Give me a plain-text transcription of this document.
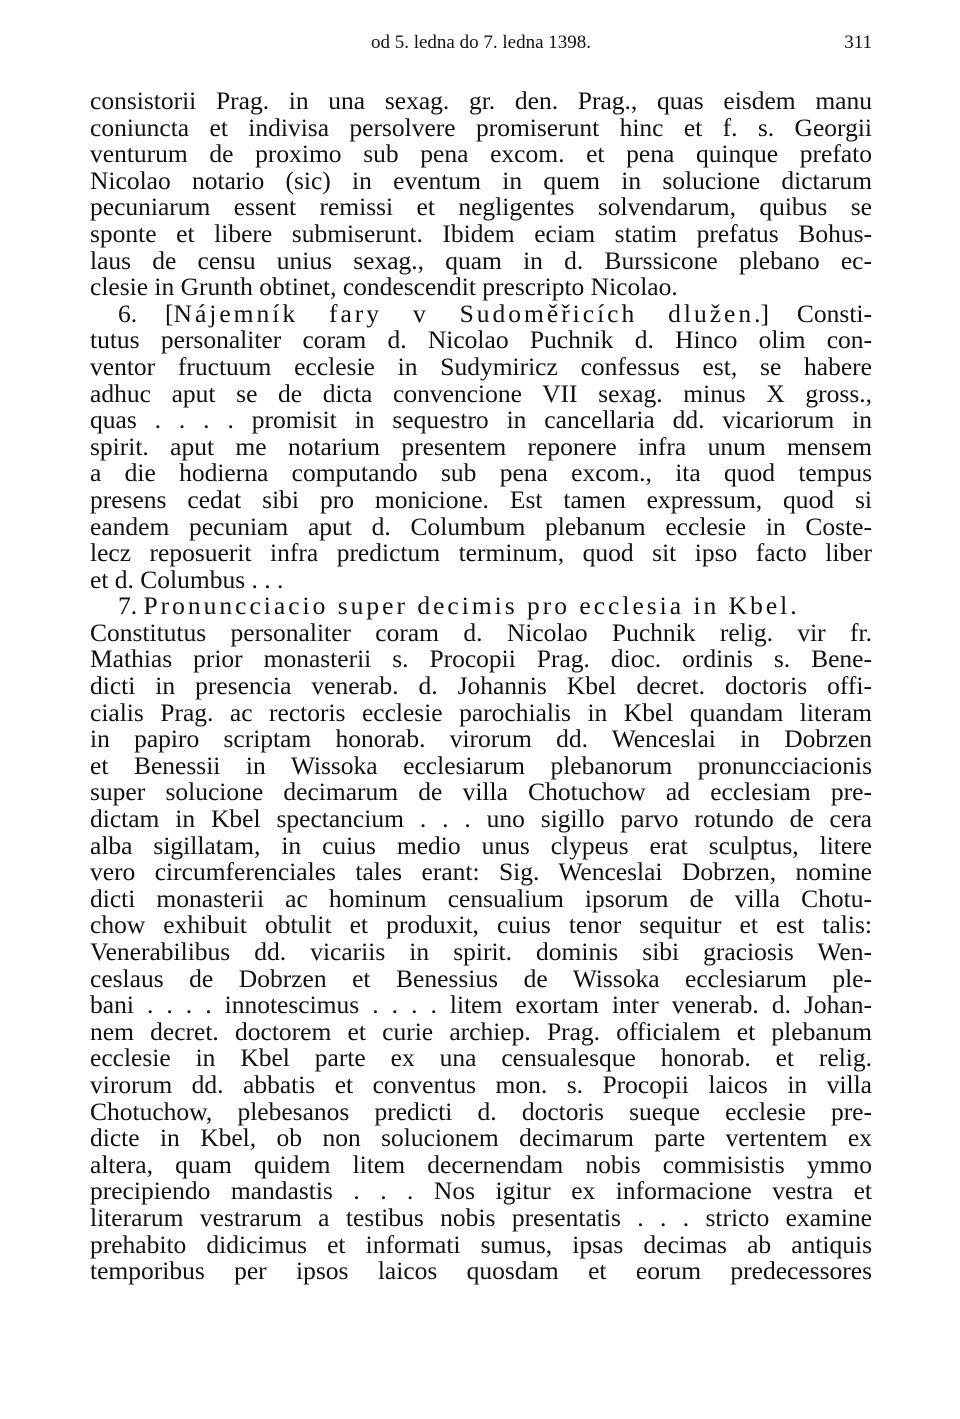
od 5. ledna do 7. ledna 1398.	311
consistorii Prag. in una sexag. gr. den. Prag., quas eisdem manu
coniuncta et indivisa persolvere promiserunt hinc et f. s. Georgii
venturum de proximo sub pena excom. et pena quinque prefato
Nicolao notario (sic) in eventum in quem in solucione dictarum
pecuniarum essent remissi et negligentes solvendarum, quibus se
sponte et libere submiserunt. Ibidem eciam statim prefatus Bohus-
laus de censu unius sexag., quam in d. Burssicone plebano ec-
clesie in Grunth obtinet, condescendit prescripto Nicolao.
6. [Nájemník fary v Sudoměřicích dlužen.] Consti-
tutus personaliter coram d. Nicolao Puchnik d. Hinco olim con-
ventor fructuum ecclesie in Sudymiricz confessus est, se habere
adhuc aput se de dicta convencione VII sexag. minus X gross.,
quas . . . . promisit in sequestro in cancellaria dd. vicariorum in
spirit. aput me notarium presentem reponere infra unum mensem
a die hodierna computando sub pena excom., ita quod tempus
presens cedat sibi pro monicione. Est tamen expressum, quod si
eandem pecuniam aput d. Columbum plebanum ecclesie in Coste-
lecz reposuerit infra predictum terminum, quod sit ipso facto liber
et d. Columbus . . .
7. Pronuncciacio super decimis pro ecclesia in Kbel.
Constitutus personaliter coram d. Nicolao Puchnik relig. vir fr.
Mathias prior monasterii s. Procopii Prag. dioc. ordinis s. Bene-
dicti in presencia venerab. d. Johannis Kbel decret. doctoris offi-
cialis Prag. ac rectoris ecclesie parochialis in Kbel quandam literam
in papiro scriptam honorab. virorum dd. Wenceslai in Dobrzen
et Benessii in Wissoka ecclesiarum plebanorum pronuncciacionis
super solucione decimarum de villa Chotuchow ad ecclesiam pre-
dictam in Kbel spectancium . . . uno sigillo parvo rotundo de cera
alba sigillatam, in cuius medio unus clypeus erat sculptus, litere
vero circumferenciales tales erant: Sig. Wenceslai Dobrzen, nomine
dicti monasterii ac hominum censualium ipsorum de villa Chotu-
chow exhibuit obtulit et produxit, cuius tenor sequitur et est talis:
Venerabilibus dd. vicariis in spirit. dominis sibi graciosis Wen-
ceslaus de Dobrzen et Benessius de Wissoka ecclesiarum ple-
bani . . . . innotescimus . . . . litem exortam inter venerab. d. Johan-
nem decret. doctorem et curie archiep. Prag. officialem et plebanum
ecclesie in Kbel parte ex una censualesque honorab. et relig.
virorum dd. abbatis et conventus mon. s. Procopii laicos in villa
Chotuchow, plebesanos predicti d. doctoris sueque ecclesie pre-
dicte in Kbel, ob non solucionem decimarum parte vertentem ex
altera, quam quidem litem decernendam nobis commisistis ymmo
precipiendo mandastis . . . Nos igitur ex informacione vestra et
literarum vestrarum a testibus nobis presentatis . . . stricto examine
prehabito didicimus et informati sumus, ipsas decimas ab antiquis
temporibus per ipsos laicos quosdam et eorum predecessores
